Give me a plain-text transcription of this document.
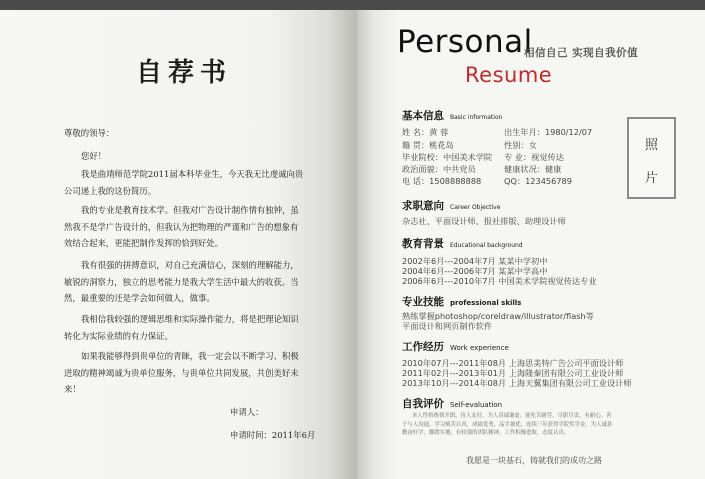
自荐书
尊敬的领导：
您好！
我是曲靖师范学院2011届本科毕业生，今天我无比虔诚向贵公司递上我的这份简历。
我的专业是教育技术学。但我对广告设计制作情有独钟，虽然我不是学广告设计的，但我认为把物理的严谨和广告的想象有效结合起来，更能把制作发挥的恰到好处。
我有很强的拼搏意识，对自己充满信心，深刻的理解能力，敏锐的洞察力，独立的思考能力是我大学生活中最大的收获。当然，最重要的还是学会如何做人，做事。
我相信我较强的逻辑思维和实际操作能力，将是把理论知识转化为实际业绩的有力保证。
如果我能够得到贵单位的青睐，我一定会以不断学习、积极进取的精神竭诚为贵单位服务，与贵单位共同发展，共创美好未来！
申请人：
申请时间：2011年6月
Personal
相信自己 实现自我价值
Resume
照
片
基本信息 Basic information
姓 名：黄 蓉	出生年月：1980/12/07
籍 贯：桃花岛	性别：女
毕业院校：中国美术学院 专 业：视觉传达
政治面貌：中共党员	健康状况：健康
电 话：1508888888	QQ：123456789
求职意向 Career Objective
杂志社、平面设计师、报社排版、助理设计师
教育背景 Educational background
2002年6月---2004年7月 某某中学初中
2004年6月---2006年7月 某某中学高中
2006年6月---2010年7月 中国美术学院视觉传达专业
专业技能 professional skills
熟练掌握photoshop/coreldraw/illustrator/flash等
平面设计和网页制作软件
工作经历 Work experience
2010年07月---2011年08月 上海思美特广告公司平面设计师
2011年02月---2013年01月 上海隆秦团有限公司工业设计师
2013年10月---2014年08月 上海天翼集团有限公司工业设计师
自我评价 Self-evaluation
本人性格热情开朗，待人友好，为人真诚谦虚。能吃苦耐劳，尽职尽责，有耐心。善于与人沟通，学习刻苦认真，成绩优秀，品学兼优，连续三年获得学院奖学金。为人诚恳勤奋好学，脚踏实地，有较强的团队精神，工作积极进取，态度认真。
我愿是一块基石，铸就我们的成功之路
